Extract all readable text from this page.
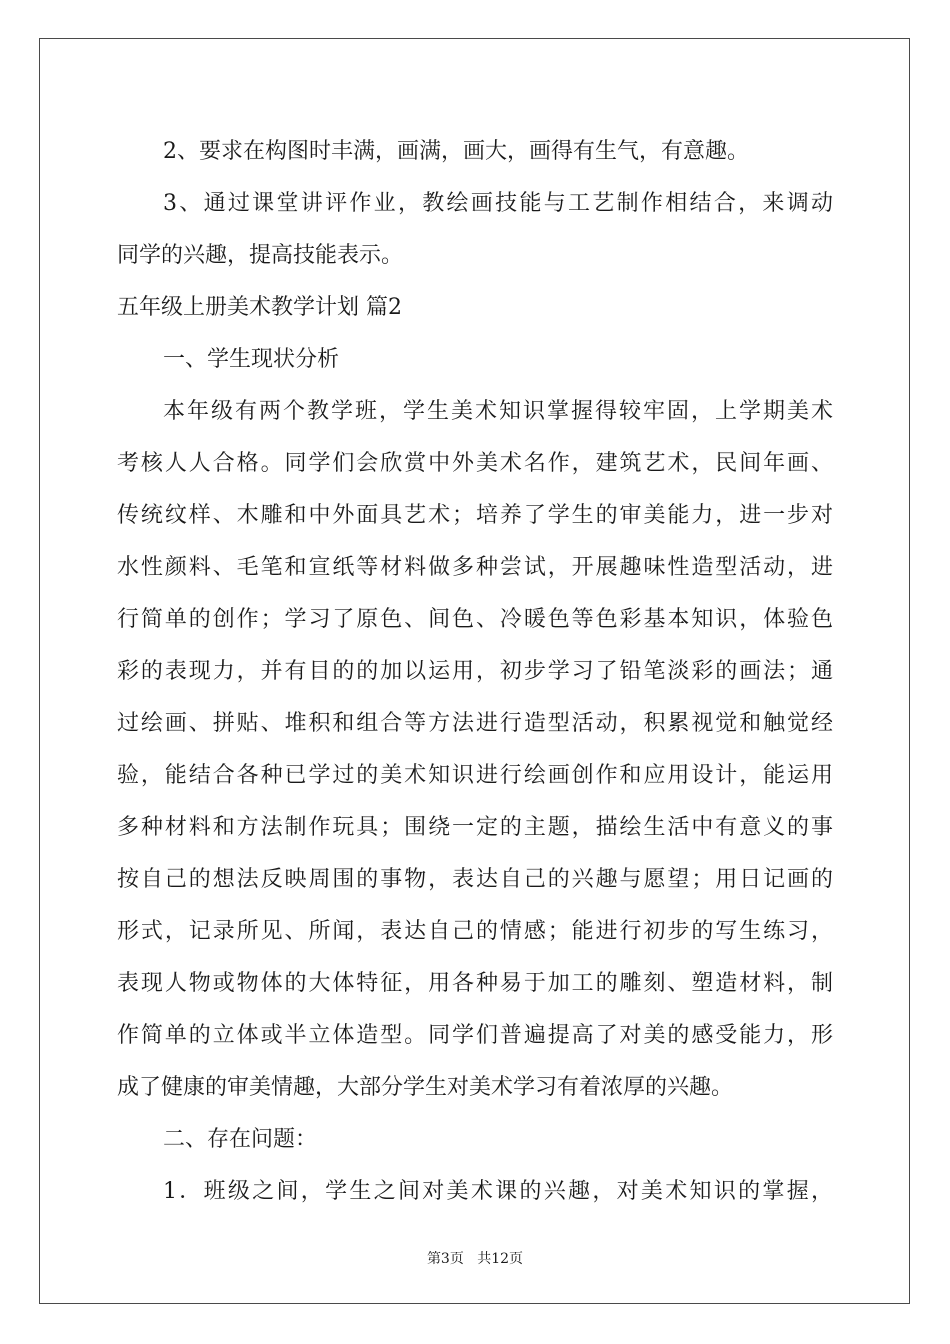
2、要求在构图时丰满，画满，画大，画得有生气，有意趣。
3、通过课堂讲评作业，教绘画技能与工艺制作相结合，来调动
同学的兴趣，提高技能表示。
五年级上册美术教学计划 篇2
一、学生现状分析
本年级有两个教学班，学生美术知识掌握得较牢固，上学期美术
考核人人合格。同学们会欣赏中外美术名作，建筑艺术，民间年画、
传统纹样、木雕和中外面具艺术；培养了学生的审美能力，进一步对
水性颜料、毛笔和宣纸等材料做多种尝试，开展趣味性造型活动，进
行简单的创作；学习了原色、间色、冷暖色等色彩基本知识，体验色
彩的表现力，并有目的的加以运用，初步学习了铅笔淡彩的画法；通
过绘画、拼贴、堆积和组合等方法进行造型活动，积累视觉和触觉经
验，能结合各种已学过的美术知识进行绘画创作和应用设计，能运用
多种材料和方法制作玩具；围绕一定的主题，描绘生活中有意义的事
按自己的想法反映周围的事物，表达自己的兴趣与愿望；用日记画的
形式，记录所见、所闻，表达自己的情感；能进行初步的写生练习，
表现人物或物体的大体特征，用各种易于加工的雕刻、塑造材料，制
作简单的立体或半立体造型。同学们普遍提高了对美的感受能力，形
成了健康的审美情趣，大部分学生对美术学习有着浓厚的兴趣。
二、存在问题：
1．班级之间，学生之间对美术课的兴趣，对美术知识的掌握，
第3页 共12页
